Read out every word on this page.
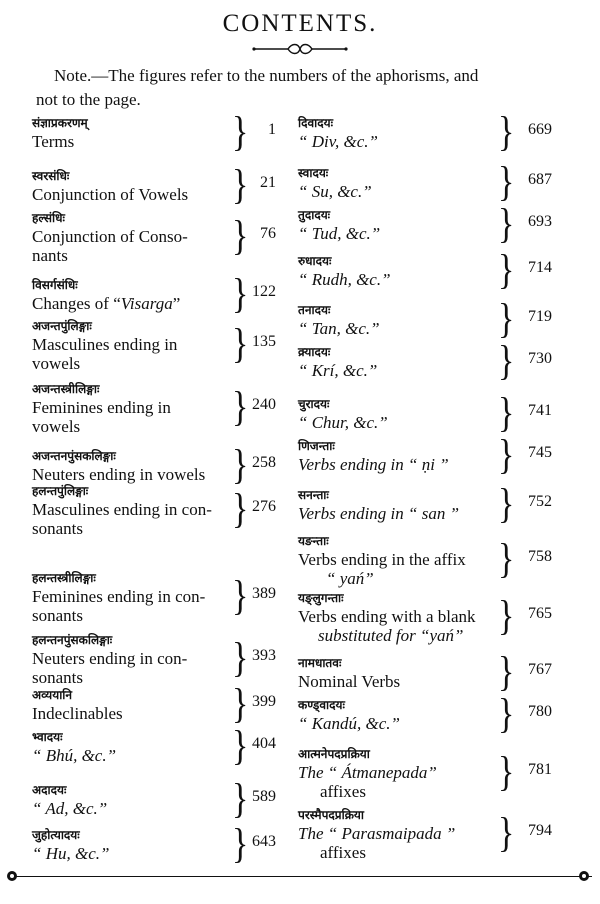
CONTENTS.
Note.—The figures refer to the numbers of the aphorisms, and
not to the page.
संज्ञाप्रकरणम्
Terms	}	1
स्वरसंधिः
Conjunction of Vowels } 21
हल्संधिः
Conjunction of Conso-
nants	} 76
विसर्गसंधिः
Changes of “Visarga” } 122
अजन्तपुंलिङ्गाः
Masculines ending in
vowels	} 135
अजन्तस्त्रीलिङ्गाः
Feminines ending in
vowels	} 240
अजन्तनपुंसकलिङ्गाः
Neuters ending in vowels } 258
हलन्तपुंलिङ्गाः
Masculines ending in con-
sonants	} 276
हलन्तस्त्रीलिङ्गाः
Feminines ending in con-
sonants	} 389
हलन्तनपुंसकलिङ्गाः
Neuters ending in con-
sonants	} 393
अव्ययानि
Indeclinables	} 399
भ्वादयः
“ Bhú, &c.”	} 404
अदादयः
“ Ad, &c.”	} 589
जुहोत्यादयः
“ Hu, &c.”	} 643
दिवादयः
“ Div, &c.”	} 669
स्वादयः
“ Su, &c.”	} 687
तुदादयः
“ Tud, &c.”	} 693
रुधादयः
“ Rudh, &c.”	} 714
तनादयः
“ Tan, &c.”	} 719
क्र्यादयः
“ Krí, &c.”	} 730
चुरादयः
“ Chur, &c.”	} 741
णिजन्ताः
Verbs ending in “ ṇi ” } 745
सनन्ताः
Verbs ending in “ san ” } 752
यङन्ताः
Verbs ending in the affix
“ yań”	} 758
यङ्लुगन्ताः
Verbs ending with a blank
substituted for “yań”	} 765
नामधातवः
Nominal Verbs	} 767
कण्ड्वादयः
“ Kandú, &c.”	} 780
आत्मनेपदप्रक्रिया
The “ Átmanepada”
affixes	} 781
परस्मैपदप्रक्रिया
The “ Parasmaipada ”
affixes	} 794
